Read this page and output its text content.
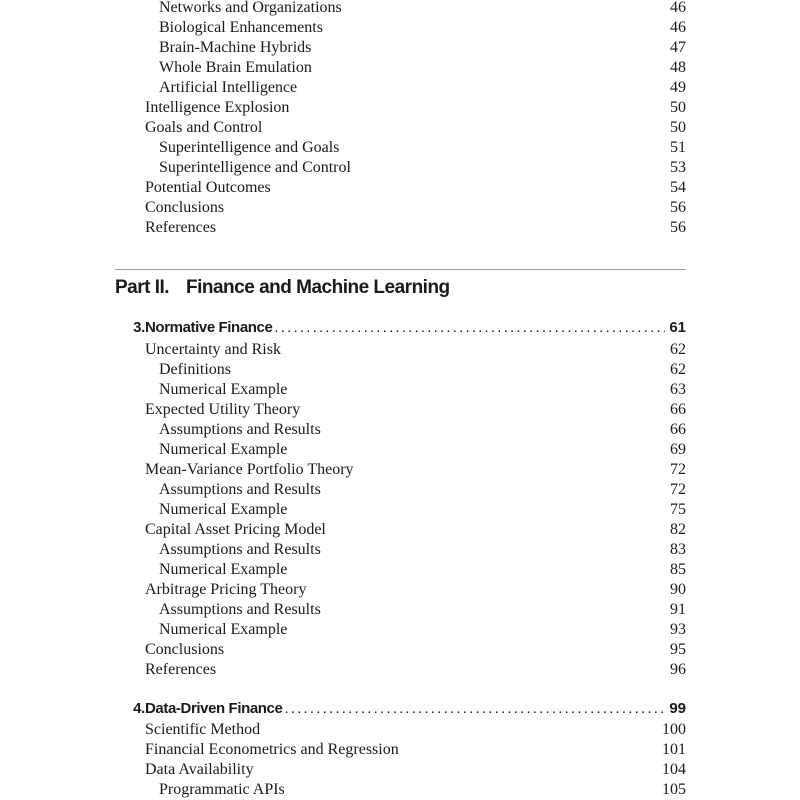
Networks and Organizations	46
Biological Enhancements	46
Brain-Machine Hybrids	47
Whole Brain Emulation	48
Artificial Intelligence	49
Intelligence Explosion	50
Goals and Control	50
Superintelligence and Goals	51
Superintelligence and Control	53
Potential Outcomes	54
Conclusions	56
References	56
Part II. Finance and Machine Learning
3. Normative Finance .....	61
Uncertainty and Risk	62
Definitions	62
Numerical Example	63
Expected Utility Theory	66
Assumptions and Results	66
Numerical Example	69
Mean-Variance Portfolio Theory	72
Assumptions and Results	72
Numerical Example	75
Capital Asset Pricing Model	82
Assumptions and Results	83
Numerical Example	85
Arbitrage Pricing Theory	90
Assumptions and Results	91
Numerical Example	93
Conclusions	95
References	96
4. Data-Driven Finance .....	99
Scientific Method	100
Financial Econometrics and Regression	101
Data Availability	104
Programmatic APIs	105
